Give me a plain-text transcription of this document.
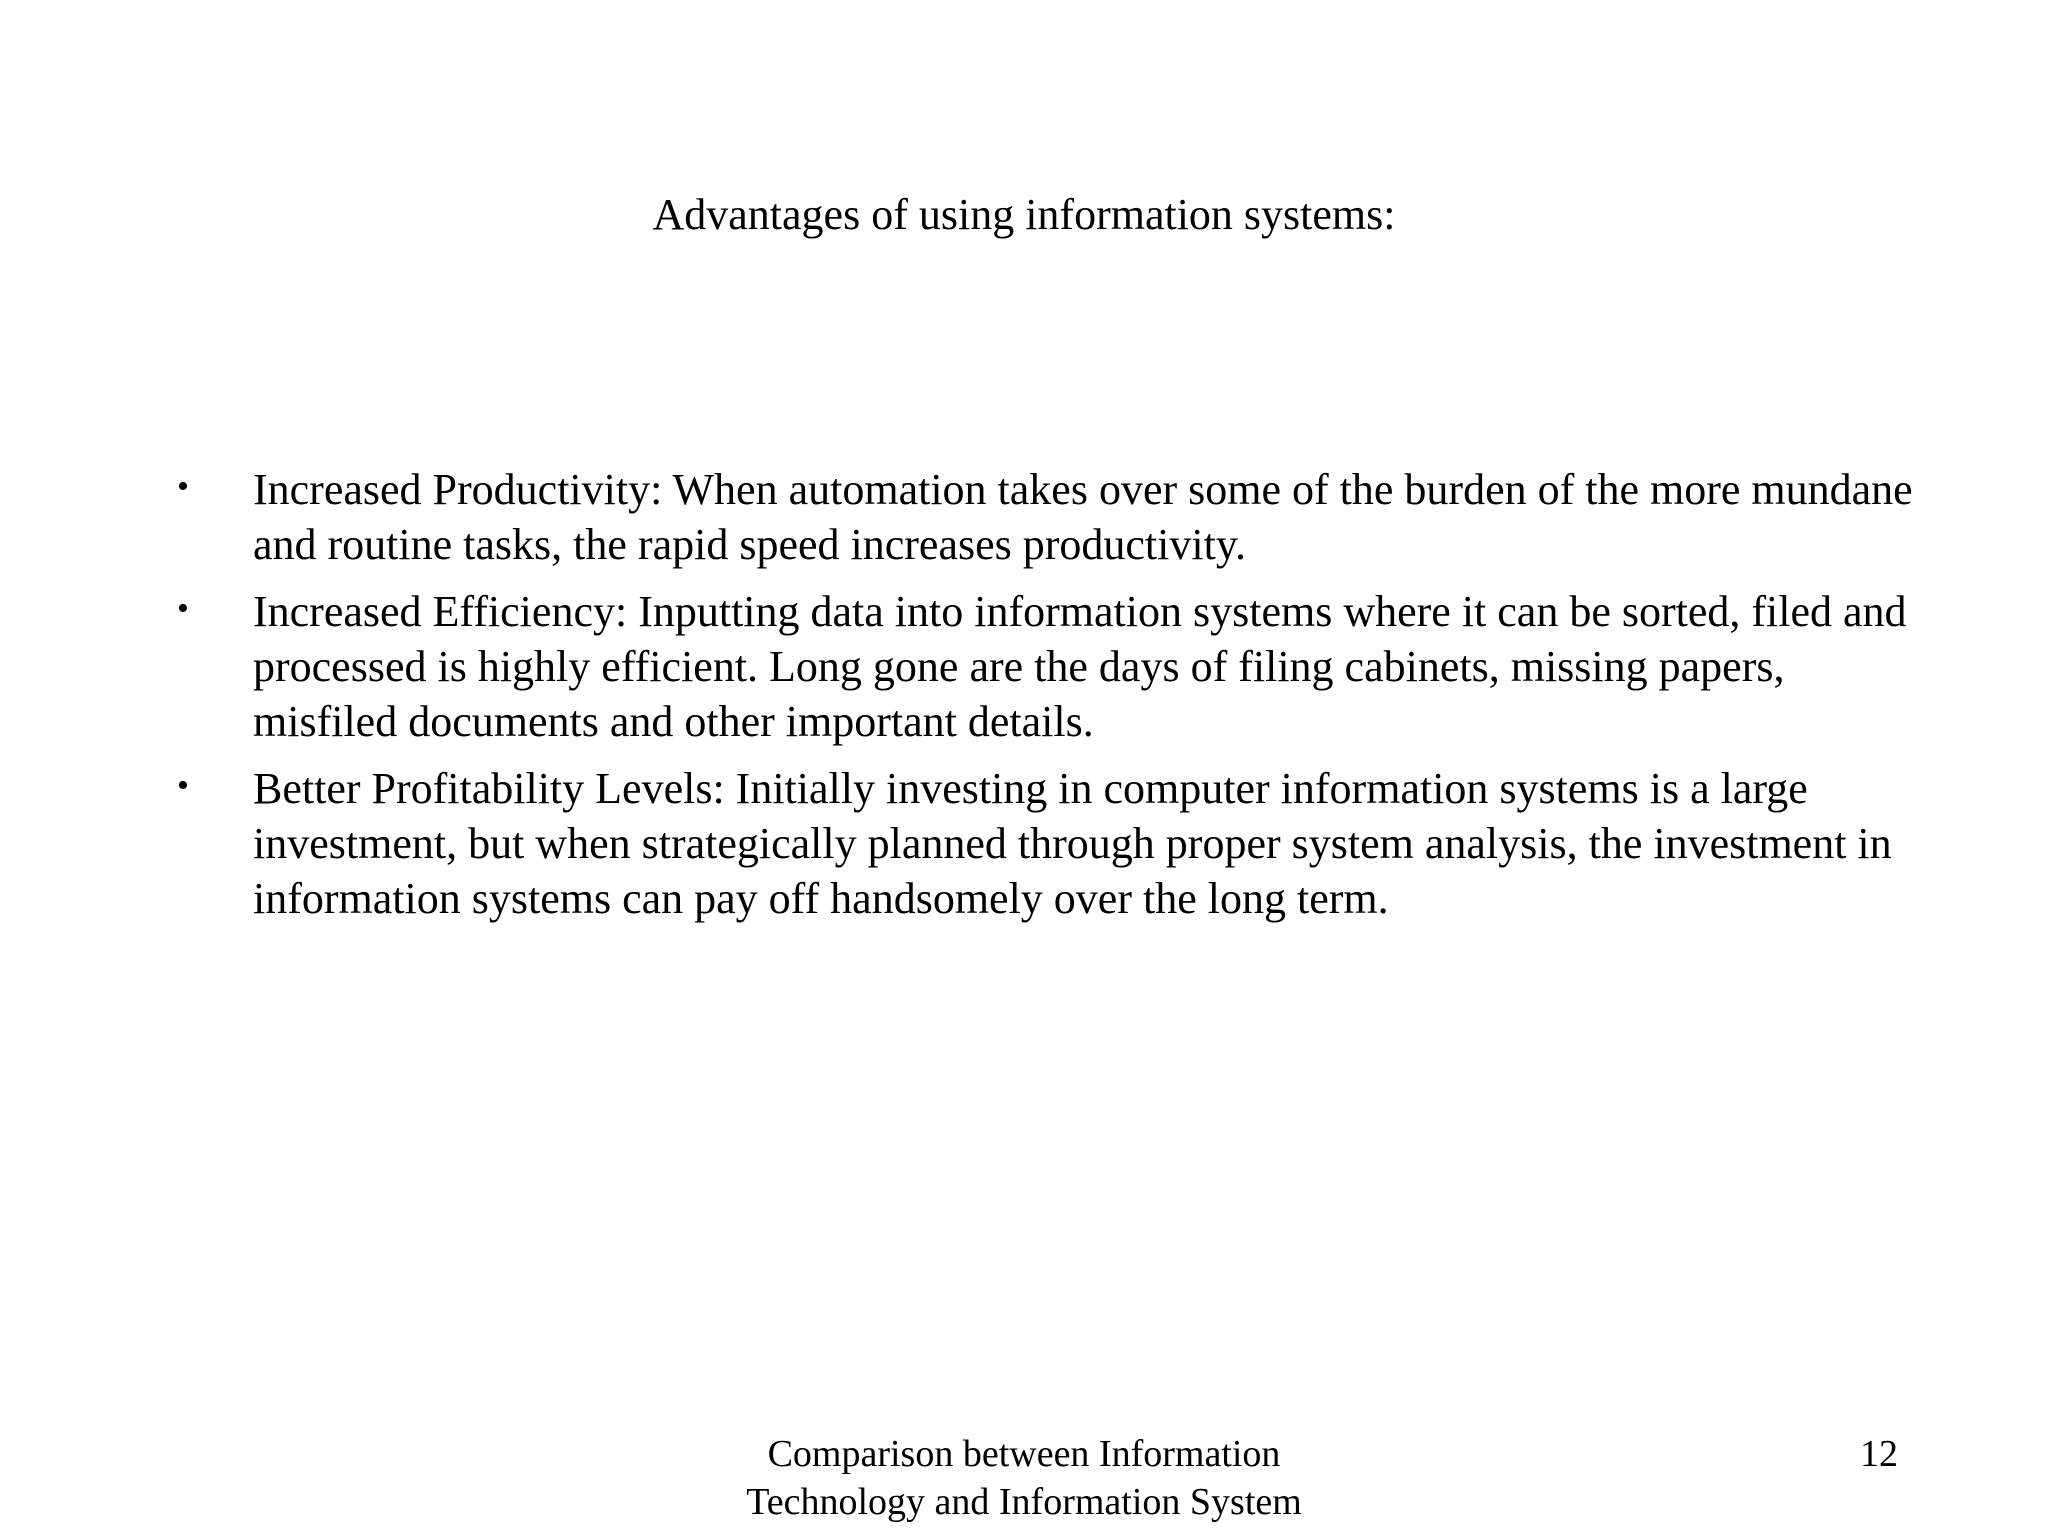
Advantages of using information systems:
• Increased Productivity: When automation takes over some of the burden of the more mundane and routine tasks, the rapid speed increases productivity.
• Increased Efficiency: Inputting data into information systems where it can be sorted, filed and processed is highly efficient. Long gone are the days of filing cabinets, missing papers, misfiled documents and other important details.
• Better Profitability Levels: Initially investing in computer information systems is a large investment, but when strategically planned through proper system analysis, the investment in information systems can pay off handsomely over the long term.
Comparison between Information
Technology and Information System
12
